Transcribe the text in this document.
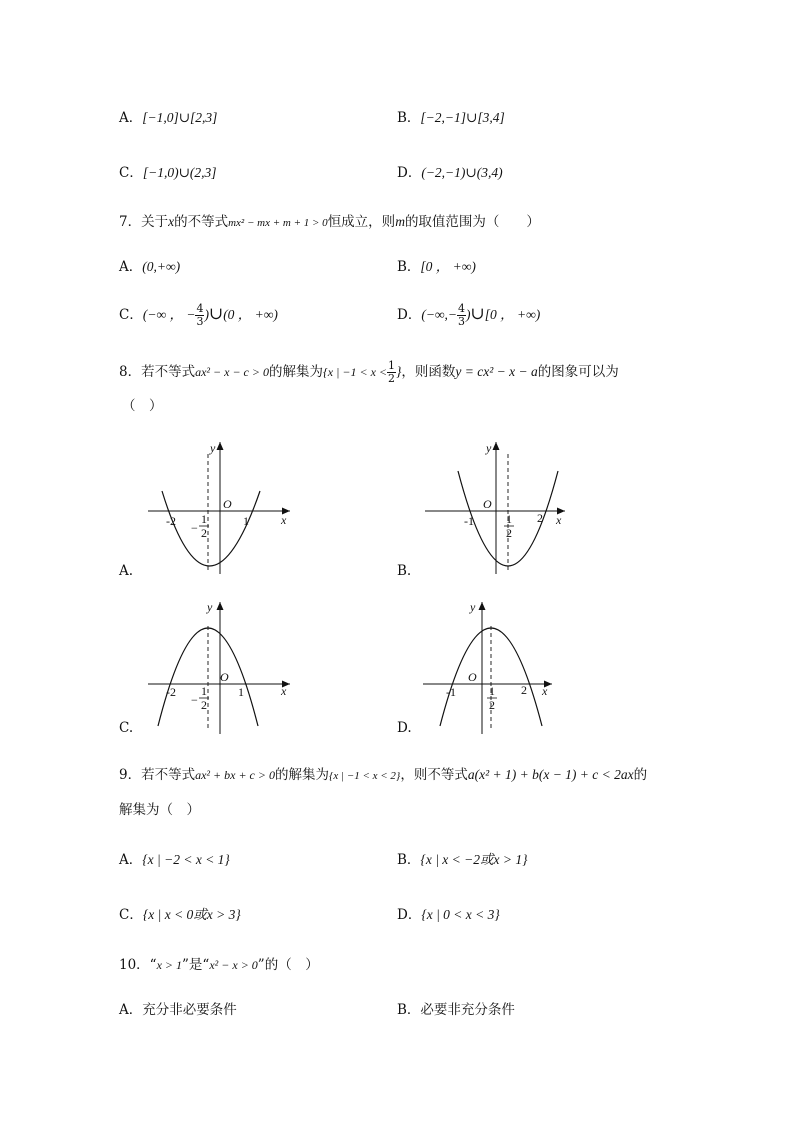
A．[−1,0]∪[2,3]	B．[−2,−1]∪[3,4]
C．[−1,0)∪(2,3]	D．(−2,−1)∪(3,4)
7．关于x的不等式mx² − mx + m + 1 > 0恒成立，则m的取值范围为（　　）
A．(0,+∞)	B．[0 ， +∞)
C．(−∞ ， − $\frac{4}{3}$ )∪(0 ， +∞)	D．(−∞,− $\frac{4}{3}$ )∪[0 ， +∞)
8．若不等式ax² − x − c > 0的解集为{x | $-1 < x < \frac{1}{2}$ }，则函数y = cx² − x − a的图象可以为
（　）
y
x
O
-2	1
1
2
−
A.
y
x
O
-1	2
1
2
B.
y
x
O
-2	1
1
2
−
C.
y
x
O
-1	2
1
2
D.
9．若不等式ax² + bx + c > 0的解集为{x | −1 < x < 2}，则不等式a(x² + 1) + b(x − 1) + c < 2ax的
解集为（　）
A．{x | −2 < x < 1}	B．{x | x < −2或x > 1}
C．{x | x < 0或x > 3}	D．{x | 0 < x < 3}
10．“x > 1”是“x² − x > 0”的（　）
A．充分非必要条件	B．必要非充分条件
